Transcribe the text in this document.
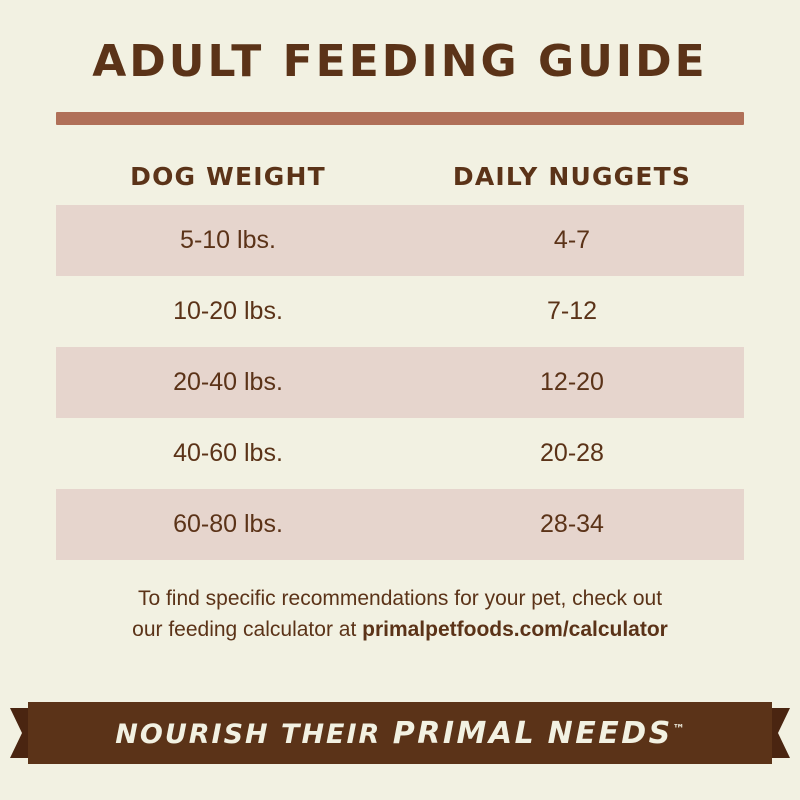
ADULT FEEDING GUIDE
DOG WEIGHT	DAILY NUGGETS
5-10 lbs.	4-7
10-20 lbs.	7-12
20-40 lbs.	12-20
40-60 lbs.	20-28
60-80 lbs.	28-34
To find specific recommendations for your pet, check out
our feeding calculator at primalpetfoods.com/calculator
NOURISH THEIR PRIMAL NEEDS™
